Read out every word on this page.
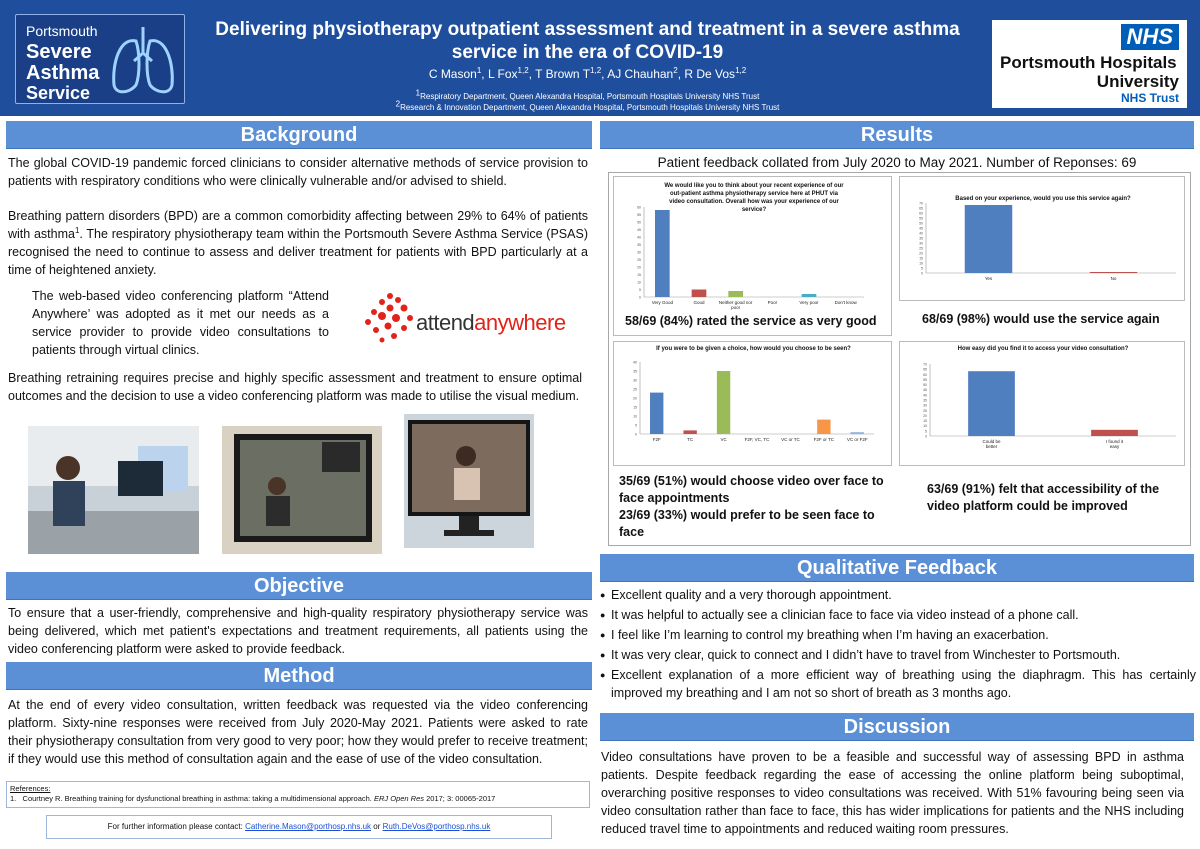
Portsmouth
Severe
Asthma
Service
Delivering physiotherapy outpatient assessment and treatment in a severe asthma service in the era of COVID-19
C Mason$^1$, L Fox$^{1,2}$, T Brown T$^{1,2}$, AJ Chauhan$^2$, R De Vos$^{1,2}$
$^1$Respiratory Department, Queen Alexandra Hospital, Portsmouth Hospitals University NHS Trust
$^2$Research & Innovation Department, Queen Alexandra Hospital, Portsmouth Hospitals University NHS Trust
NHS
Portsmouth Hospitals
University
NHS Trust
Background
The global COVID-19 pandemic forced clinicians to consider alternative methods of service provision to patients with respiratory conditions who were clinically vulnerable and/or advised to shield.
Breathing pattern disorders (BPD) are a common comorbidity affecting between 29% to 64% of patients with asthma$^1$. The respiratory physiotherapy team within the Portsmouth Severe Asthma Service (PSAS) recognised the need to continue to assess and deliver treatment for patients with BPD particularly at a time of heightened anxiety.
The web-based video conferencing platform “Attend Anywhere’ was adopted as it met our needs as a service provider to provide video consultations to patients through virtual clinics.
attendanywhere
Breathing retraining requires precise and highly specific assessment and treatment to ensure optimal outcomes and the decision to use a video conferencing platform was made to utilise the visual medium.
Objective
To ensure that a user-friendly, comprehensive and high-quality respiratory physiotherapy service was being delivered, which met patient's expectations and treatment requirements, all patients using the video conferencing platform were asked to provide feedback.
Method
At the end of every video consultation, written feedback was requested via the video conferencing platform. Sixty-nine responses were received from July 2020-May 2021. Patients were asked to rate their physiotherapy consultation from very good to very poor; how they would prefer to receive treatment; if they would use this method of consultation again and the ease of use of the video consultation.
References:
1. Courtney R. Breathing training for dysfunctional breathing in asthma: taking a multidimensional approach. ERJ Open Res 2017; 3: 00065-2017
For further information please contact: Catherine.Mason@porthosp.nhs.uk or Ruth.DeVos@porthosp.nhs.uk
Results
Patient feedback collated from July 2020 to May 2021. Number of Reponses: 69
We would like you to think about your recent experience of our out-patient asthma physiotherapy service here at PHUT via video consultation. Overall how was your experience of our service?
0
5
10
15
20
25
30
35
40
45
50
55
60
Very Good	Good	Neither good nor
poor
Poor	Very poor	Don't know
58/69 (84%) rated the service as very good
Based on your experience, would you use this service again?
0
5
10
15
20
25
30
35
40
45
50
55
60
65
70
Yes	No
68/69 (98%) would use the service again
If you were to be given a choice, how would you choose to be seen?
0
5
10
15
20
25
30
35
40
F2F	TC	VC	F2F, VC, TC	VC or TC	F2F or TC	VC or F2F
35/69 (51%) would choose video over face to face appointments
23/69 (33%) would prefer to be seen face to face
How easy did you find it to access your video consultation?
0
5
10
15
20
25
30
35
40
45
50
55
60
65
70
Could be
better
I found it
easy
63/69 (91%) felt that accessibility of the video platform could be improved
Qualitative Feedback
● Excellent quality and a very thorough appointment.
● It was helpful to actually see a clinician face to face via video instead of a phone call.
● I feel like I’m learning to control my breathing when I’m having an exacerbation.
● It was very clear, quick to connect and I didn’t have to travel from Winchester to Portsmouth.
● Excellent explanation of a more efficient way of breathing using the diaphragm. This has certainly improved my breathing and I am not so short of breath as 3 months ago.
Discussion
Video consultations have proven to be a feasible and successful way of assessing BPD in asthma patients. Despite feedback regarding the ease of accessing the online platform being suboptimal, overarching positive responses to video consultations was received. With 51% favouring being seen via video consultation rather than face to face, this has wider implications for patients and the NHS including reduced travel time to appointments and reduced waiting room pressures.
